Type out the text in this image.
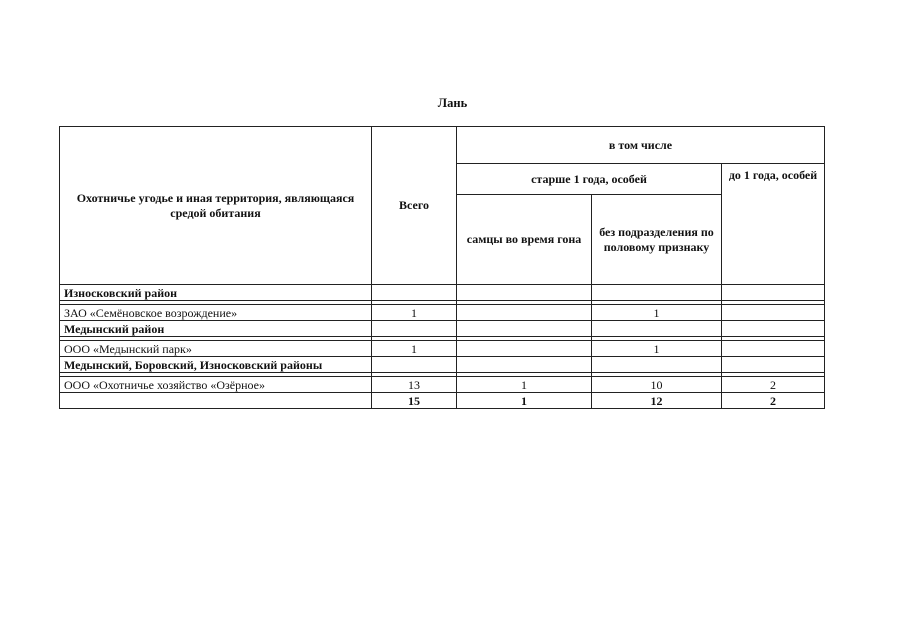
Лань
Охотничье угодье и иная территория, являющаяся средой обитания	Всего	в том числе		
		старше 1 года, особей		до 1 года, особей
		самцы во время гона	без подразделения по половому признаку	
Износковский район				

ЗАО «Семёновское возрождение»	1		1	
Медынский район				

ООО «Медынский парк»	1		1	
Медынский, Боровский, Износковский районы				

ООО «Охотничье хозяйство «Озёрное»	13	1	10	2
	15	1	12	2
